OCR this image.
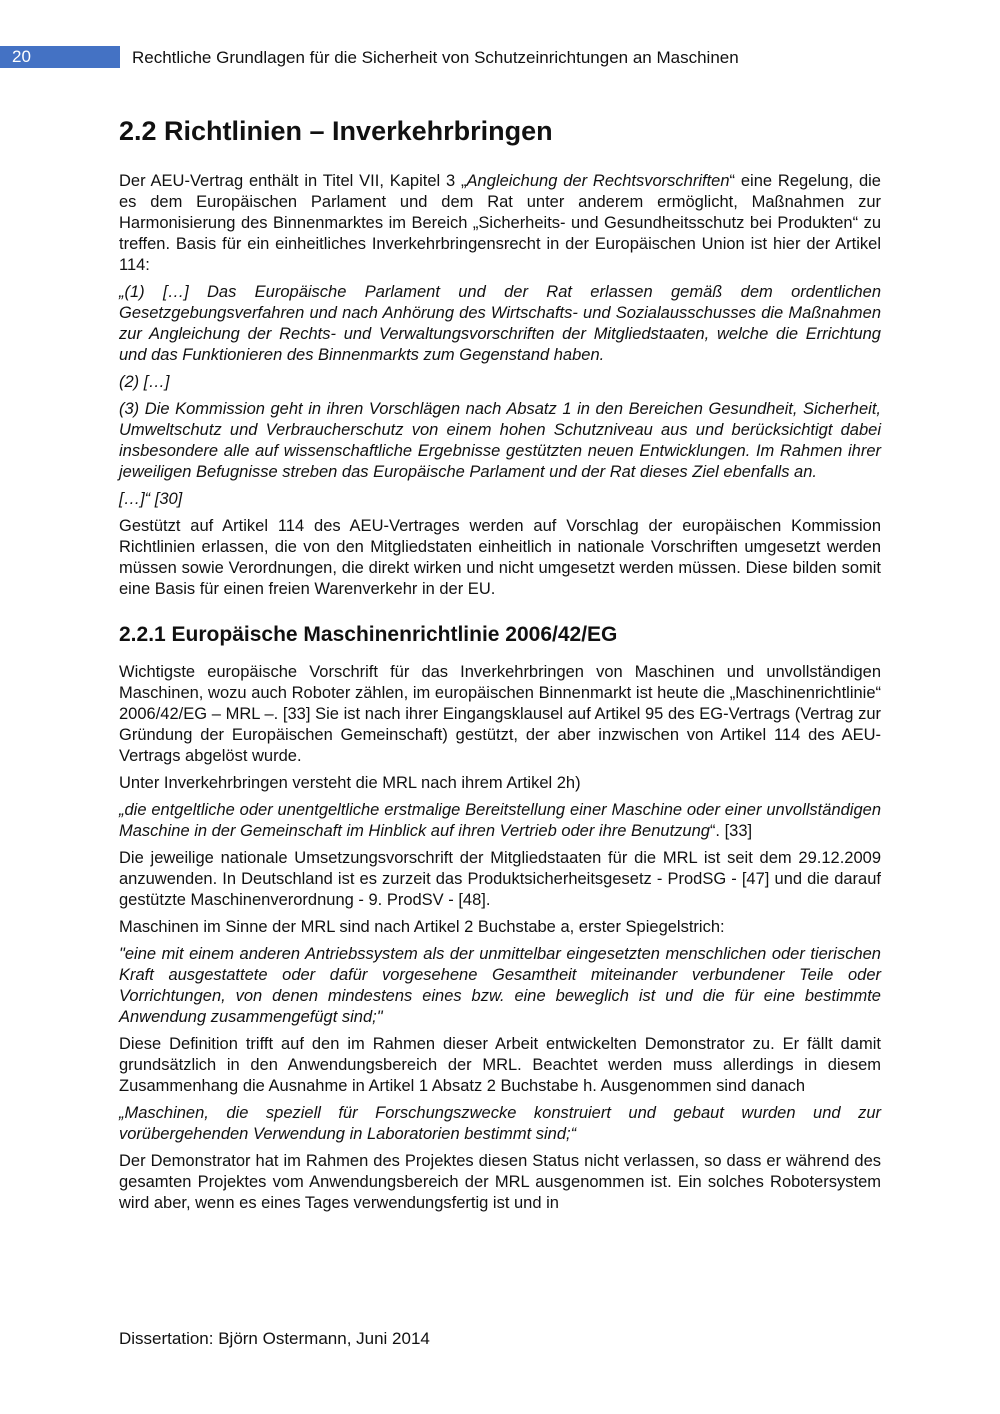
20	Rechtliche Grundlagen für die Sicherheit von Schutzeinrichtungen an Maschinen
2.2 Richtlinien – Inverkehrbringen

Der AEU-Vertrag enthält in Titel VII, Kapitel 3 „Angleichung der Rechtsvorschriften“ eine Regelung, die es dem Europäischen Parlament und dem Rat unter anderem ermöglicht, Maßnahmen zur Harmonisierung des Binnenmarktes im Bereich „Sicherheits- und Gesundheitsschutz bei Produkten“ zu treffen. Basis für ein einheitliches Inverkehrbringensrecht in der Europäischen Union ist hier der Artikel 114:

„(1) […] Das Europäische Parlament und der Rat erlassen gemäß dem ordentlichen Gesetzgebungsverfahren und nach Anhörung des Wirtschafts- und Sozialausschusses die Maßnahmen zur Angleichung der Rechts- und Verwaltungsvorschriften der Mitgliedstaaten, welche die Errichtung und das Funktionieren des Binnenmarkts zum Gegenstand haben.

(2) […]

(3) Die Kommission geht in ihren Vorschlägen nach Absatz 1 in den Bereichen Gesundheit, Sicherheit, Umweltschutz und Verbraucherschutz von einem hohen Schutzniveau aus und berücksichtigt dabei insbesondere alle auf wissenschaftliche Ergebnisse gestützten neuen Entwicklungen. Im Rahmen ihrer jeweiligen Befugnisse streben das Europäische Parlament und der Rat dieses Ziel ebenfalls an.

[…]“ [30]

Gestützt auf Artikel 114 des AEU-Vertrages werden auf Vorschlag der europäischen Kommission Richtlinien erlassen, die von den Mitgliedstaten einheitlich in nationale Vorschriften umgesetzt werden müssen sowie Verordnungen, die direkt wirken und nicht umgesetzt werden müssen. Diese bilden somit eine Basis für einen freien Warenverkehr in der EU.

2.2.1 Europäische Maschinenrichtlinie 2006/42/EG

Wichtigste europäische Vorschrift für das Inverkehrbringen von Maschinen und unvollständigen Maschinen, wozu auch Roboter zählen, im europäischen Binnenmarkt ist heute die „Maschinenrichtlinie“ 2006/42/EG – MRL –. [33] Sie ist nach ihrer Eingangsklausel auf Artikel 95 des EG-Vertrags (Vertrag zur Gründung der Europäischen Gemeinschaft) gestützt, der aber inzwischen von Artikel 114 des AEU-Vertrags abgelöst wurde.

Unter Inverkehrbringen versteht die MRL nach ihrem Artikel 2h)

„die entgeltliche oder unentgeltliche erstmalige Bereitstellung einer Maschine oder einer unvollständigen Maschine in der Gemeinschaft im Hinblick auf ihren Vertrieb oder ihre Benutzung“. [33]

Die jeweilige nationale Umsetzungsvorschrift der Mitgliedstaaten für die MRL ist seit dem 29.12.2009 anzuwenden. In Deutschland ist es zurzeit das Produktsicherheitsgesetz - ProdSG - [47] und die darauf gestützte Maschinenverordnung - 9. ProdSV - [48].

Maschinen im Sinne der MRL sind nach Artikel 2 Buchstabe a, erster Spiegelstrich:

"eine mit einem anderen Antriebssystem als der unmittelbar eingesetzten menschlichen oder tierischen Kraft ausgestattete oder dafür vorgesehene Gesamtheit miteinander verbundener Teile oder Vorrichtungen, von denen mindestens eines bzw. eine beweglich ist und die für eine bestimmte Anwendung zusammengefügt sind;"

Diese Definition trifft auf den im Rahmen dieser Arbeit entwickelten Demonstrator zu. Er fällt damit grundsätzlich in den Anwendungsbereich der MRL. Beachtet werden muss allerdings in diesem Zusammenhang die Ausnahme in Artikel 1 Absatz 2 Buchstabe h. Ausgenommen sind danach

„Maschinen, die speziell für Forschungszwecke konstruiert und gebaut wurden und zur vorübergehenden Verwendung in Laboratorien bestimmt sind;“

Der Demonstrator hat im Rahmen des Projektes diesen Status nicht verlassen, so dass er während des gesamten Projektes vom Anwendungsbereich der MRL ausgenommen ist. Ein solches Robotersystem wird aber, wenn es eines Tages verwendungsfertig ist und in

Dissertation: Björn Ostermann, Juni 2014
